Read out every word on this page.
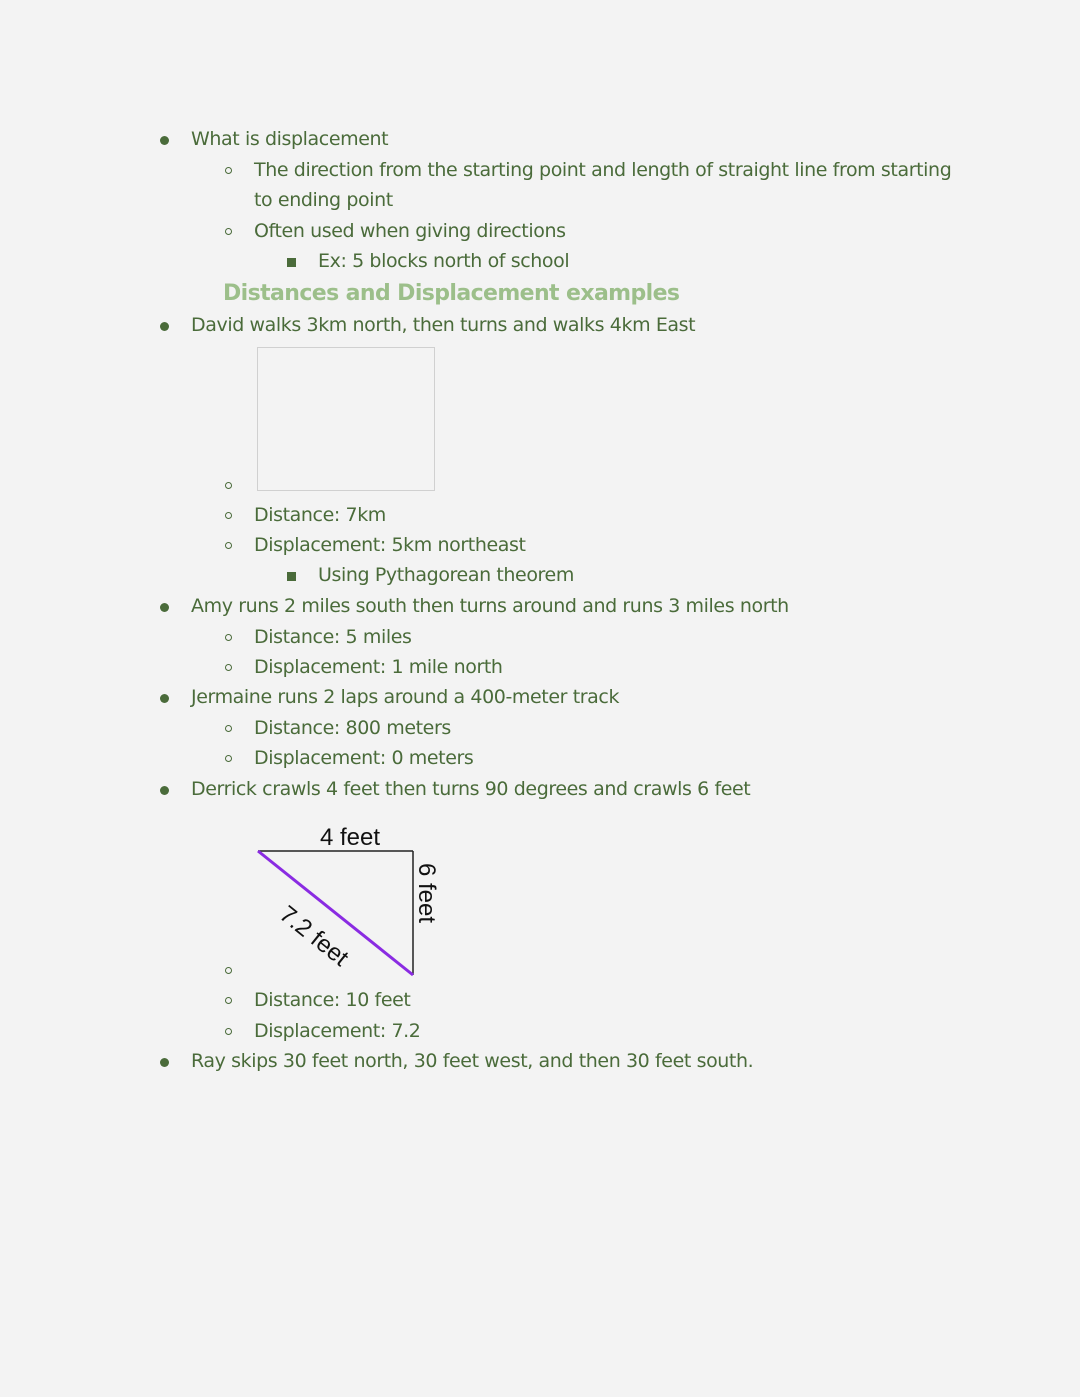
What is displacement
The direction from the starting point and length of straight line from starting
to ending point
Often used when giving directions
Ex: 5 blocks north of school
Distances and Displacement examples
David walks 3km north, then turns and walks 4km East
Distance: 7km
Displacement: 5km northeast
Using Pythagorean theorem
Amy runs 2 miles south then turns around and runs 3 miles north
Distance: 5 miles
Displacement: 1 mile north
Jermaine runs 2 laps around a 400-meter track
Distance: 800 meters
Displacement: 0 meters
Derrick crawls 4 feet then turns 90 degrees and crawls 6 feet
4 feet
6 feet
7.2 feet
Distance: 10 feet
Displacement: 7.2
Ray skips 30 feet north, 30 feet west, and then 30 feet south.
